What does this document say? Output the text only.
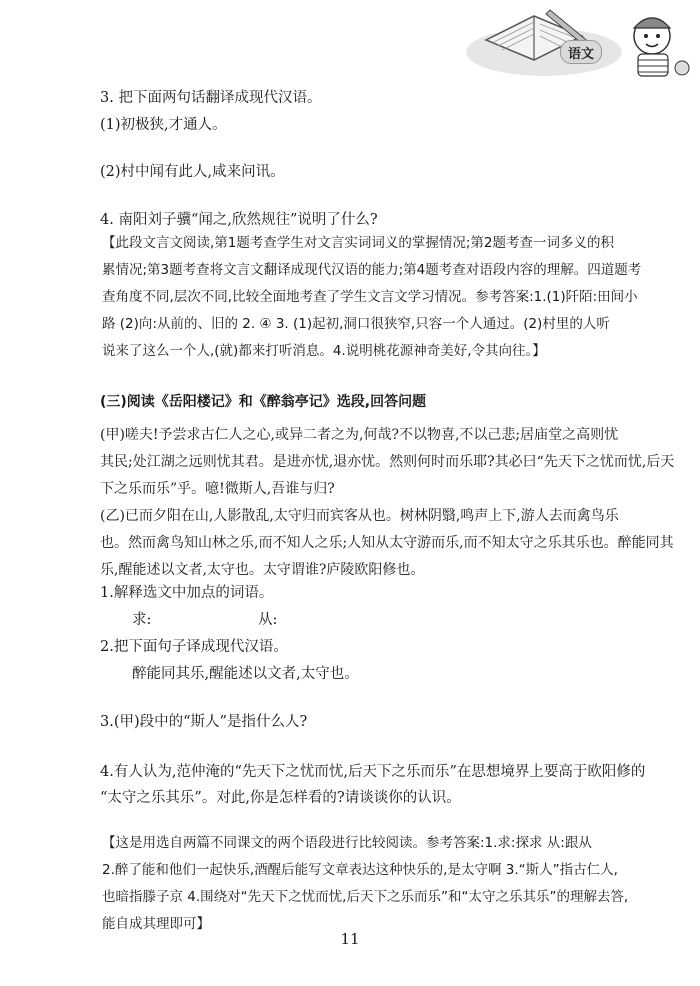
语文
3. 把下面两句话翻译成现代汉语。
(1)初极狭,才通人。
(2)村中闻有此人,咸来问讯。
4. 南阳刘子骥“闻之,欣然规往”说明了什么?

【此段文言文阅读,第1题考查学生对文言实词词义的掌握情况;第2题考查一词多义的积

累情况;第3题考查将文言文翻译成现代汉语的能力;第4题考查对语段内容的理解。四道题考

查角度不同,层次不同,比较全面地考查了学生文言文学习情况。参考答案:1.(1)阡陌:田间小

路 (2)向:从前的、旧的 2. ④ 3. (1)起初,洞口很狭窄,只容一个人通过。(2)村里的人听

说来了这么一个人,(就)都来打听消息。4.说明桃花源神奇美好,令其向往。】

(三)阅读《岳阳楼记》和《醉翁亭记》选段,回答问题

(甲)嗟夫!予尝求古仁人之心,或异二者之为,何哉?不以物喜,不以己悲;居庙堂之高则忧

其民;处江湖之远则忧其君。是进亦忧,退亦忧。然则何时而乐耶?其必曰“先天下之忧而忧,后天

下之乐而乐”乎。噫!微斯人,吾谁与归?

(乙)已而夕阳在山,人影散乱,太守归而宾客从也。树林阴翳,鸣声上下,游人去而禽鸟乐

也。然而禽鸟知山林之乐,而不知人之乐;人知从太守游而乐,而不知太守之乐其乐也。醉能同其

乐,醒能述以文者,太守也。太守谓谁?庐陵欧阳修也。

1.解释选文中加点的词语。
求:	从:
2.把下面句子译成现代汉语。
醉能同其乐,醒能述以文者,太守也。
3.(甲)段中的“斯人”是指什么人?
4.有人认为,范仲淹的“先天下之忧而忧,后天下之乐而乐”在思想境界上要高于欧阳修的
“太守之乐其乐”。对此,你是怎样看的?请谈谈你的认识。

【这是用选自两篇不同课文的两个语段进行比较阅读。参考答案:1.求:探求 从:跟从

2.醉了能和他们一起快乐,酒醒后能写文章表达这种快乐的,是太守啊 3.“斯人”指古仁人,

也暗指滕子京 4.围绕对“先天下之忧而忧,后天下之乐而乐”和“太守之乐其乐”的理解去答,

能自成其理即可】

11
